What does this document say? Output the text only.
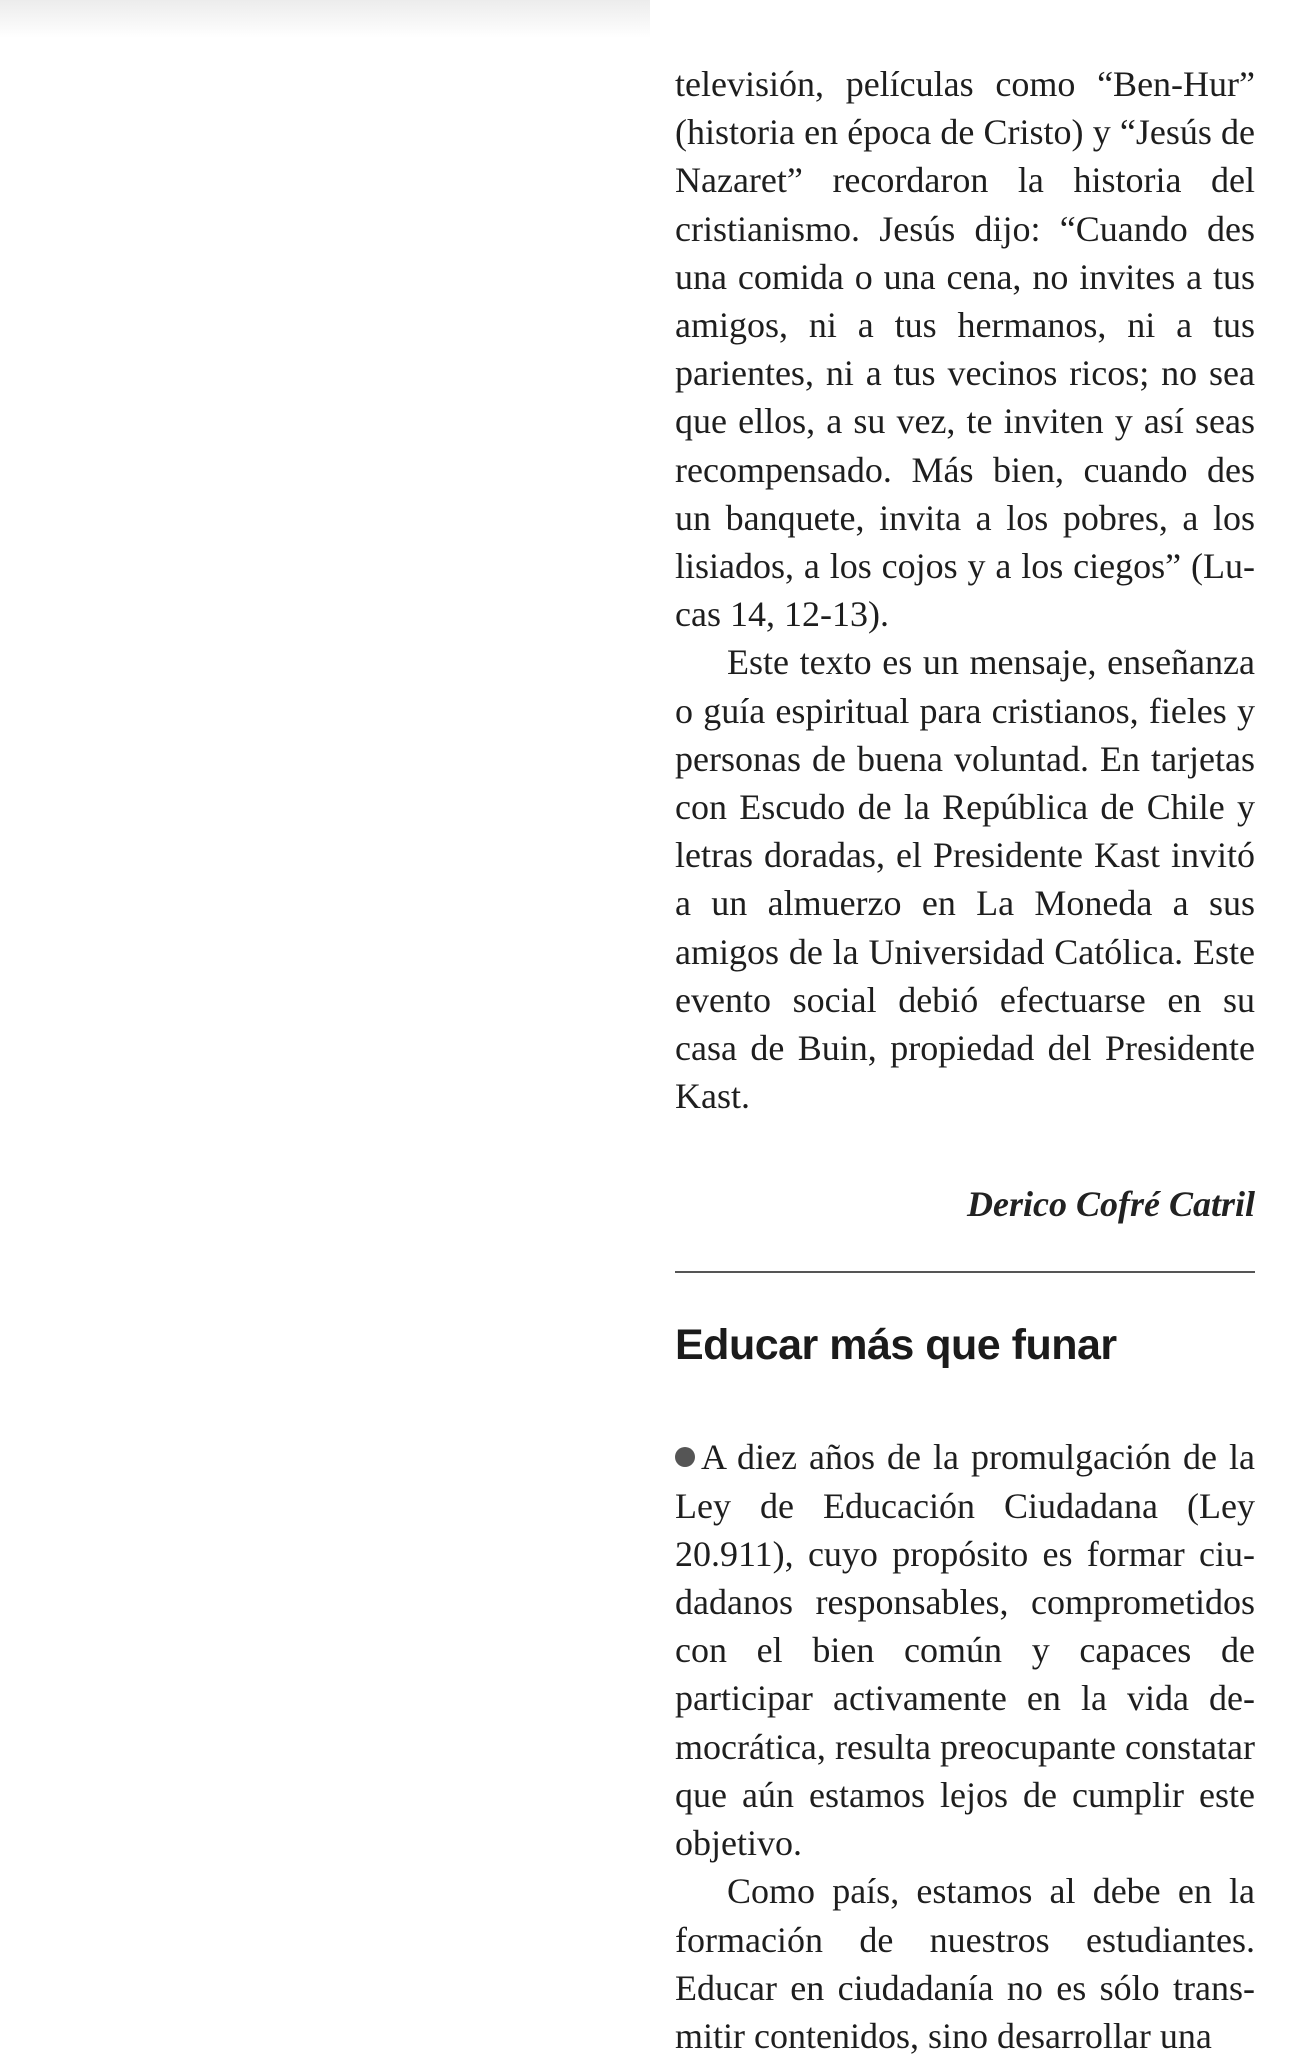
televisión, películas como “Ben-Hur” (historia en época de Cristo) y “Jesús de Nazaret” recordaron la historia del cristianismo. Jesús dijo: “Cuando des una comida o una cena, no invites a tus amigos, ni a tus hermanos, ni a tus parientes, ni a tus vecinos ricos; no sea que ellos, a su vez, te inviten y así seas recompensado. Más bien, cuando des un banquete, invita a los pobres, a los lisiados, a los cojos y a los ciegos” (Lucas 14, 12-13).

Este texto es un mensaje, enseñanza o guía espiritual para cristianos, fieles y personas de buena voluntad. En tarjetas con Escudo de la República de Chile y letras doradas, el Presidente Kast invitó a un almuerzo en La Moneda a sus amigos de la Universidad Católica. Este evento social debió efectuarse en su casa de Buin, propiedad del Presidente Kast.

Derico Cofré Catril
Educar más que funar

A diez años de la promulgación de la Ley de Educación Ciudadana (Ley 20.911), cuyo propósito es formar ciudadanos responsables, comprometidos con el bien común y capaces de participar activamente en la vida democrática, resulta preocupante constatar que aún estamos lejos de cumplir este objetivo.

Como país, estamos al debe en la formación de nuestros estudiantes. Educar en ciudadanía no es sólo transmitir contenidos, sino desarrollar una
